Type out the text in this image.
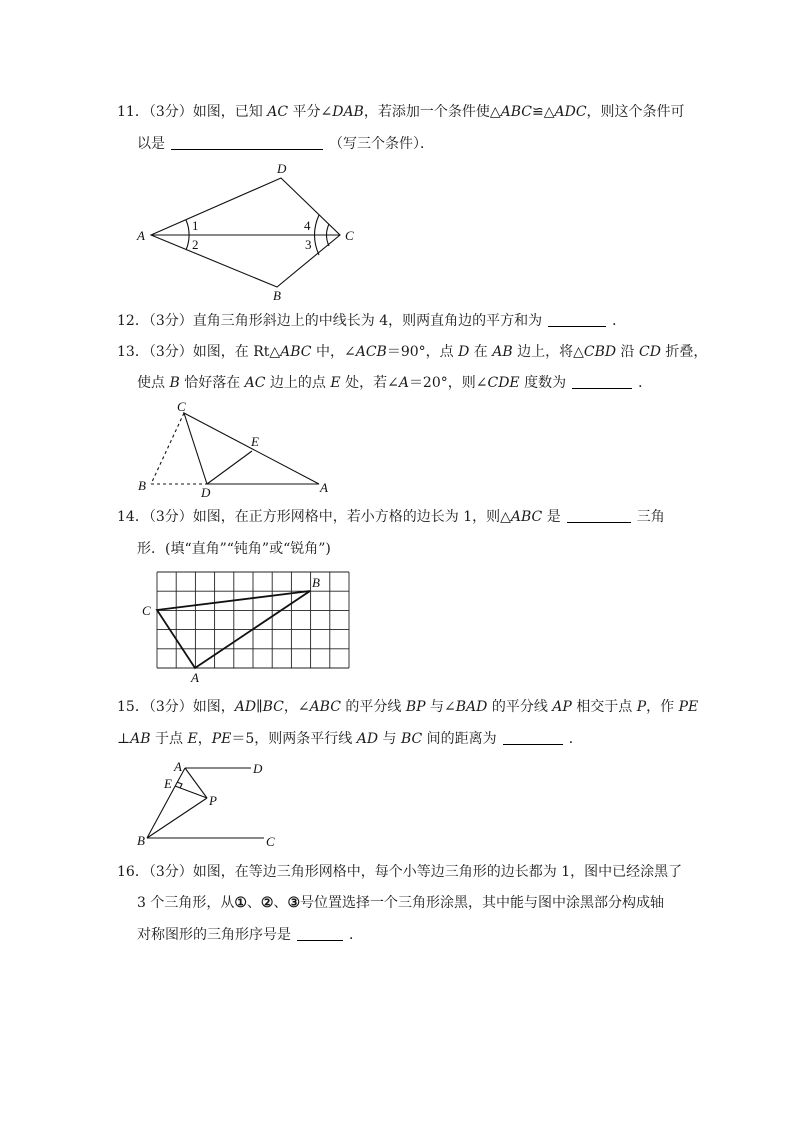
11．（3分）如图，已知 AC 平分∠DAB，若添加一个条件使△ABC≌△ADC，则这个条件可
以是	（写三个条件）．
A
D
C
B
1
2	3
4
12．（3分）直角三角形斜边上的中线长为 4，则两直角边的平方和为	．
13．（3分）如图，在 Rt△ABC 中，∠ACB＝90°，点 D 在 AB 边上，将△CBD 沿 CD 折叠，
使点 B 恰好落在 AC 边上的点 E 处，若∠A＝20°，则∠CDE 度数为	．
C
E
B	D	A
14．（3分）如图，在正方形网格中，若小方格的边长为 1，则△ABC 是	三角
形．(填“直角”“钝角”或“锐角”)
C
B
A
15．（3分）如图，AD∥BC，∠ABC 的平分线 BP 与∠BAD 的平分线 AP 相交于点 P，作 PE
⊥AB 于点 E，PE＝5，则两条平行线 AD 与 BC 间的距离为	．
A	D
E
P
B	C
16．（3分）如图，在等边三角形网格中，每个小等边三角形的边长都为 1，图中已经涂黑了
3 个三角形，从①、②、③号位置选择一个三角形涂黑，其中能与图中涂黑部分构成轴
对称图形的三角形序号是	．
